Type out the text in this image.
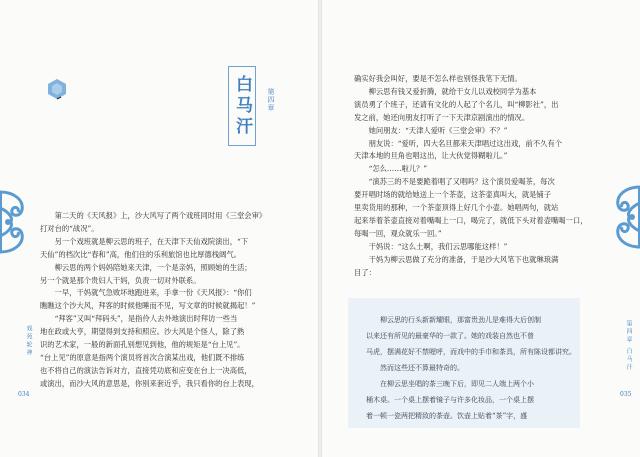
白马汗	第四章

第二天的《天风报》上，沙大风写了两个戏班同时用《三堂会审》

打对台的“战况”。

另一个戏班就是柳云思的班子，在天津下天仙戏院演出，“下

天仙”的档次比“春和”高，他们住的乐利旅馆也比厚德栈阔气。

柳云思的两个妈妈陪她来天津，一个是亲妈，照顾她的生活；

另一个就是那个贵妇人干妈，负责一切对外联系。

一早，干妈就气急败坏地跑进来，手拿一份《天风报》：“你们

瞧瞧这个沙大风，拜客的时候他睡而不见，写文章的时候就揭起！”

“拜客”又叫“拜码头”，是指伶人去外地演出时拜访一些当

地在政或大亨，期望得到支持和照应。沙大风是个怪人，除了熟

识的艺术家，一般的新面孔别想见到他，他的规矩是“台上见”。

“台上见”的原意是指两个演员将首次合演某出戏，他们既不排练

也不将自己的演法告诉对方，直接凭功底和应变在台上一决高低，

或演出，而沙大风的意思是，你别来套近乎，我只看你的台上表现，

戏苑轮神
034

确实好我会叫好，要是不怎么样也别怪我笔下无情。

柳云思有钱又爱折腾，就给干女儿以戏校同学为基本

演员勇了个班子，还请有文化的人起了个名儿，叫“柳影社”，出

发之前，她还向朋友打听了一下天津京剧演出的情况。

她问朋友：“天津人爱听《三堂会审》不？”

朋友说：“爱听，四大名旦都来天津唱过这出戏，前不久有个

天津本地的旦角也唱这出，让大伙觉得糊啦儿。”

“怎么……啦儿？”

“演苏三的不是要跪着唱了又唱吗？这个演员爱喝茶，每次

要开唱时场的就给她送上一个茶壶，这茶壶真叫大，就是铺子

里卖货用的那种，一个茶壶顶得上好几个小壶。她唱两句，就站

起来举着茶壶直接对着嘴喝上一口，喝完了，就低下头对着壶嘴喝一口，

每喝一回，观众就乐一回。”

干妈说：“这么土啊，我们云思哪能这样！”

干妈为柳云思做了充分的准备，于是沙大风笔下也就琳琅满

目了：

柳云思的行头新新耀眼，那富贵劲儿是难得大后创制

以来还有所见的最豪华的一款了。她的戏装自然也不曾

马虎，摆满花好不禁喔呼，而戏中的手巾和茶具，所有陈设都讲究。

然而这些还不算最特奇的。

在柳云思坐唱的茶三晚下后，即见二人端上两个小

桶木桌。一个桌上摆着镜子与许多化妆品，一个桌上摆

着一顿一瓷两把精致的茶壶。饮壶上贴着“茶”字，盛

第四章 白马汗
035
